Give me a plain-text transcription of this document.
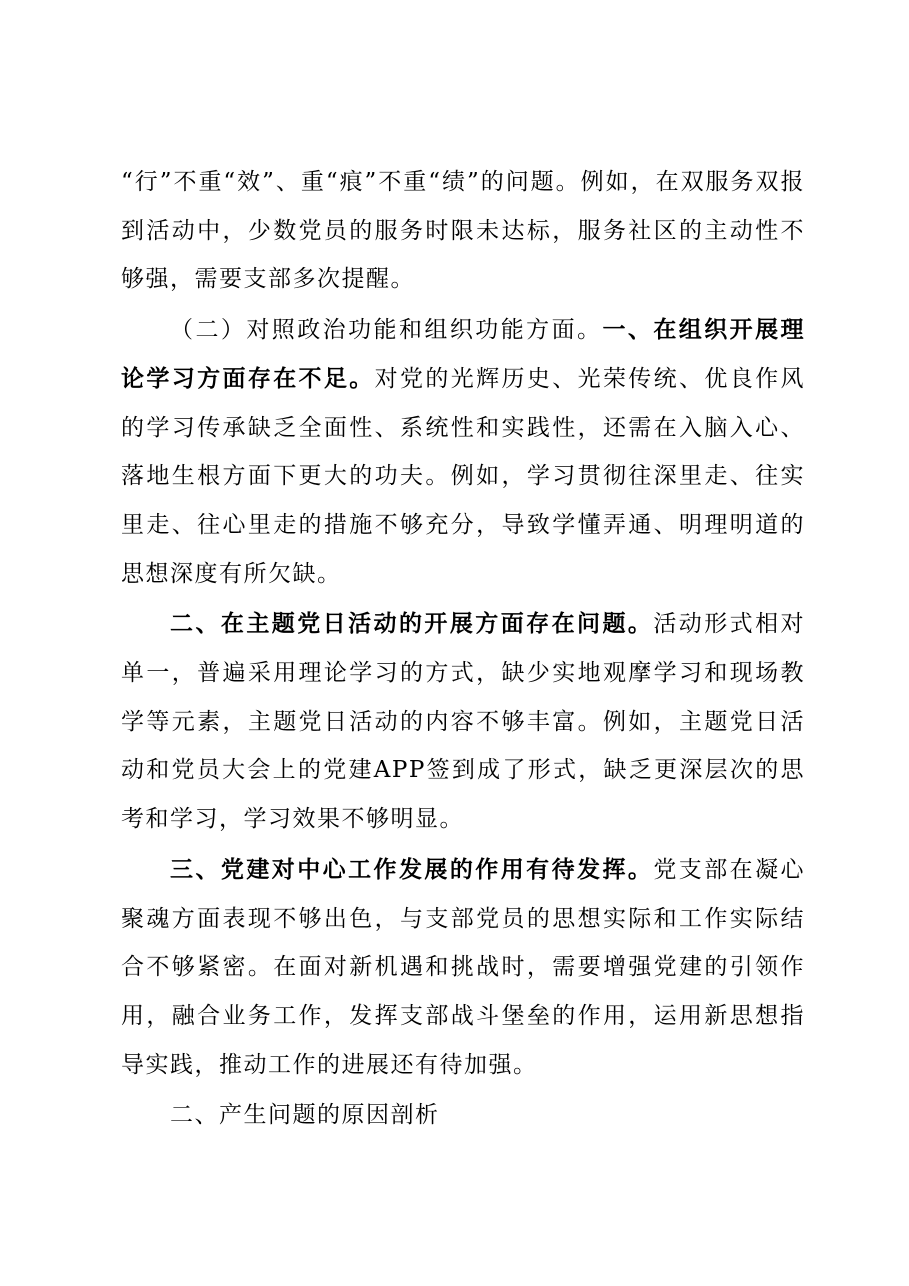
“行”不重“效”、重“痕”不重“绩”的问题。例如，在双服务双报到活动中，少数党员的服务时限未达标，服务社区的主动性不够强，需要支部多次提醒。

（二）对照政治功能和组织功能方面。一、在组织开展理论学习方面存在不足。对党的光辉历史、光荣传统、优良作风的学习传承缺乏全面性、系统性和实践性，还需在入脑入心、落地生根方面下更大的功夫。例如，学习贯彻往深里走、往实里走、往心里走的措施不够充分，导致学懂弄通、明理明道的思想深度有所欠缺。

二、在主题党日活动的开展方面存在问题。活动形式相对单一，普遍采用理论学习的方式，缺少实地观摩学习和现场教学等元素，主题党日活动的内容不够丰富。例如，主题党日活动和党员大会上的党建APP签到成了形式，缺乏更深层次的思考和学习，学习效果不够明显。

三、党建对中心工作发展的作用有待发挥。党支部在凝心聚魂方面表现不够出色，与支部党员的思想实际和工作实际结合不够紧密。在面对新机遇和挑战时，需要增强党建的引领作用，融合业务工作，发挥支部战斗堡垒的作用，运用新思想指导实践，推动工作的进展还有待加强。

二、产生问题的原因剖析
